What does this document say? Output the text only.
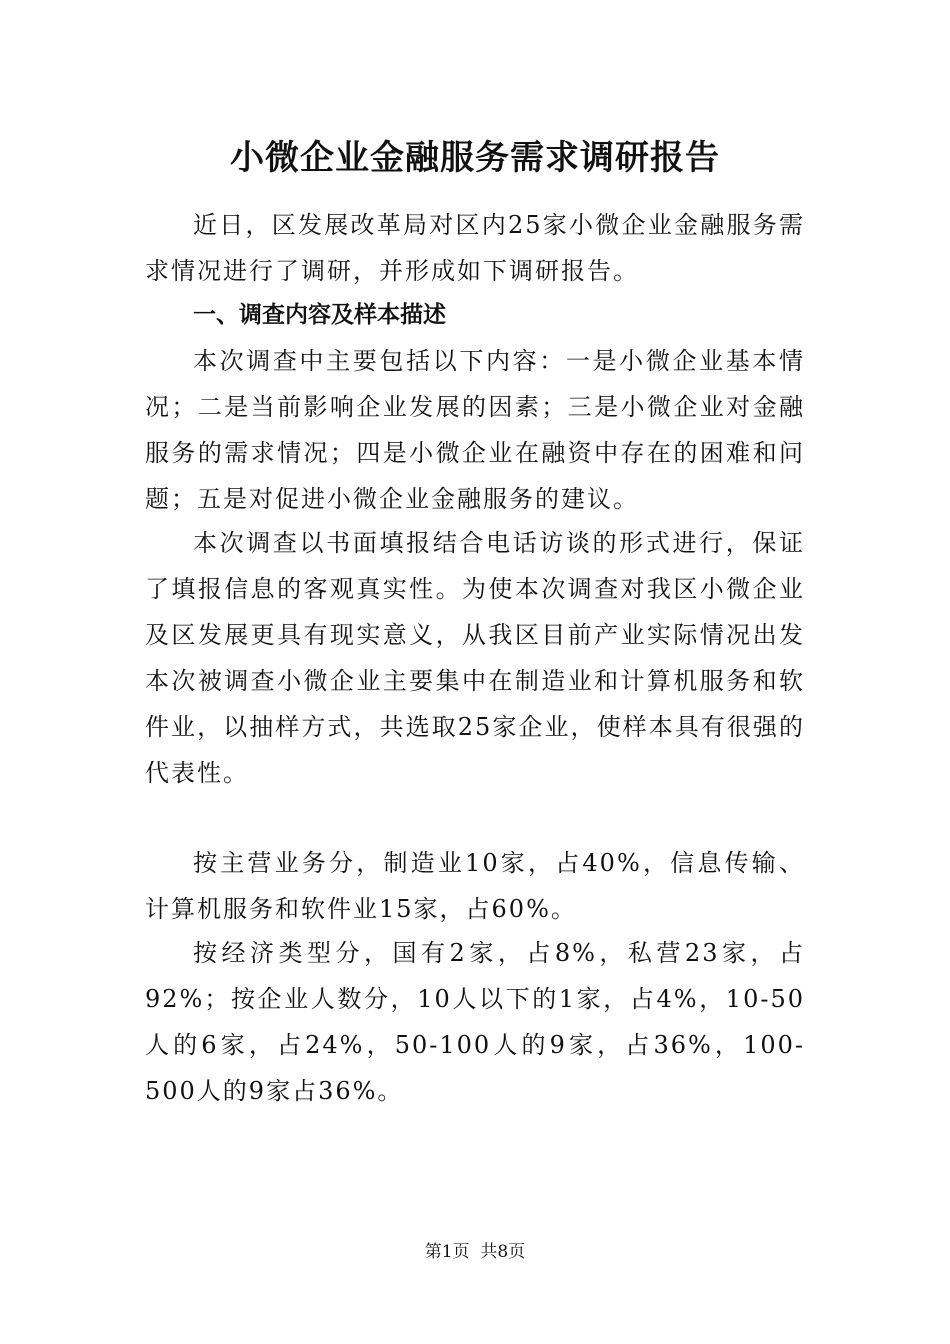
小微企业金融服务需求调研报告

近日，区发展改革局对区内25家小微企业金融服务需求情况进行了调研，并形成如下调研报告。

一、调查内容及样本描述

本次调查中主要包括以下内容：一是小微企业基本情况；二是当前影响企业发展的因素；三是小微企业对金融服务的需求情况；四是小微企业在融资中存在的困难和问题；五是对促进小微企业金融服务的建议。

本次调查以书面填报结合电话访谈的形式进行，保证了填报信息的客观真实性。为使本次调查对我区小微企业及区发展更具有现实意义，从我区目前产业实际情况出发本次被调查小微企业主要集中在制造业和计算机服务和软件业，以抽样方式，共选取25家企业，使样本具有很强的代表性。

按主营业务分，制造业10家，占40%，信息传输、计算机服务和软件业15家，占60%。

按经济类型分，国有2家，占8%，私营23家，占92%；按企业人数分，10人以下的1家，占4%，10-50人的6家，占24%，50-100人的9家，占36%，100-500人的9家占36%。

第1页 共8页
